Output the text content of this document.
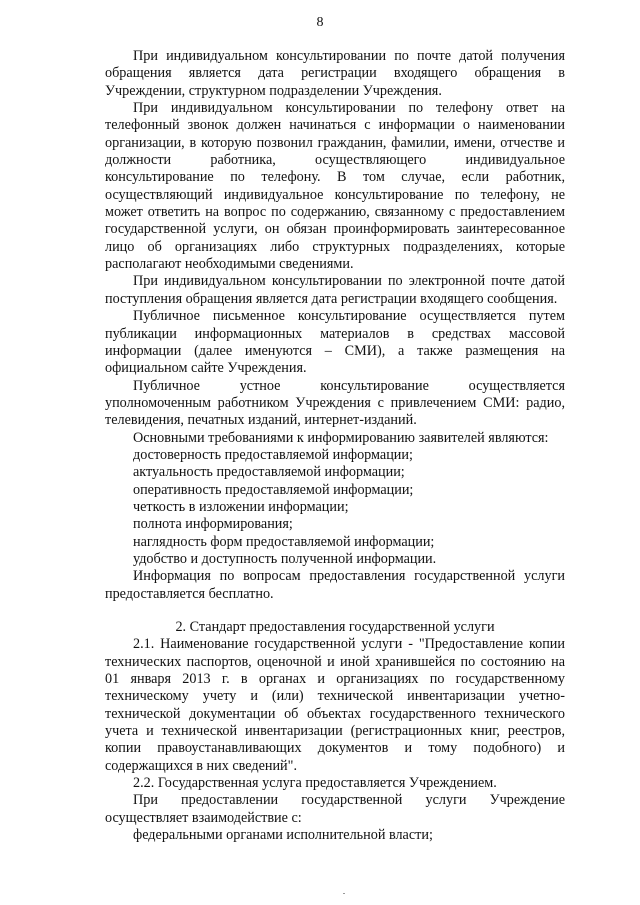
8

При индивидуальном консультировании по почте датой получения обращения является дата регистрации входящего обращения в Учреждении, структурном подразделении Учреждения.

При индивидуальном консультировании по телефону ответ на телефонный звонок должен начинаться с информации о наименовании организации, в которую позвонил гражданин, фамилии, имени, отчестве и должности работника, осуществляющего индивидуальное консультирование по телефону. В том случае, если работник, осуществляющий индивидуальное консультирование по телефону, не может ответить на вопрос по содержанию, связанному с предоставлением государственной услуги, он обязан проинформировать заинтересованное лицо об организациях либо структурных подразделениях, которые располагают необходимыми сведениями.

При индивидуальном консультировании по электронной почте датой поступления обращения является дата регистрации входящего сообщения.

Публичное письменное консультирование осуществляется путем публикации информационных материалов в средствах массовой информации (далее именуются – СМИ), а также размещения на официальном сайте Учреждения.

Публичное устное консультирование осуществляется уполномоченным работником Учреждения с привлечением СМИ: радио, телевидения, печатных изданий, интернет-изданий.

Основными требованиями к информированию заявителей являются:

достоверность предоставляемой информации;

актуальность предоставляемой информации;

оперативность предоставляемой информации;

четкость в изложении информации;

полнота информирования;

наглядность форм предоставляемой информации;

удобство и доступность полученной информации.

Информация по вопросам предоставления государственной услуги предоставляется бесплатно.

2. Стандарт предоставления государственной услуги

2.1. Наименование государственной услуги - "Предоставление копии технических паспортов, оценочной и иной хранившейся по состоянию на 01 января 2013 г. в органах и организациях по государственному техническому учету и (или) технической инвентаризации учетно-технической документации об объектах государственного технического учета и технической инвентаризации (регистрационных книг, реестров, копии правоустанавливающих документов и тому подобного) и содержащихся в них сведений".

2.2. Государственная услуга предоставляется Учреждением.

При предоставлении государственной услуги Учреждение осуществляет взаимодействие с:

федеральными органами исполнительной власти;
